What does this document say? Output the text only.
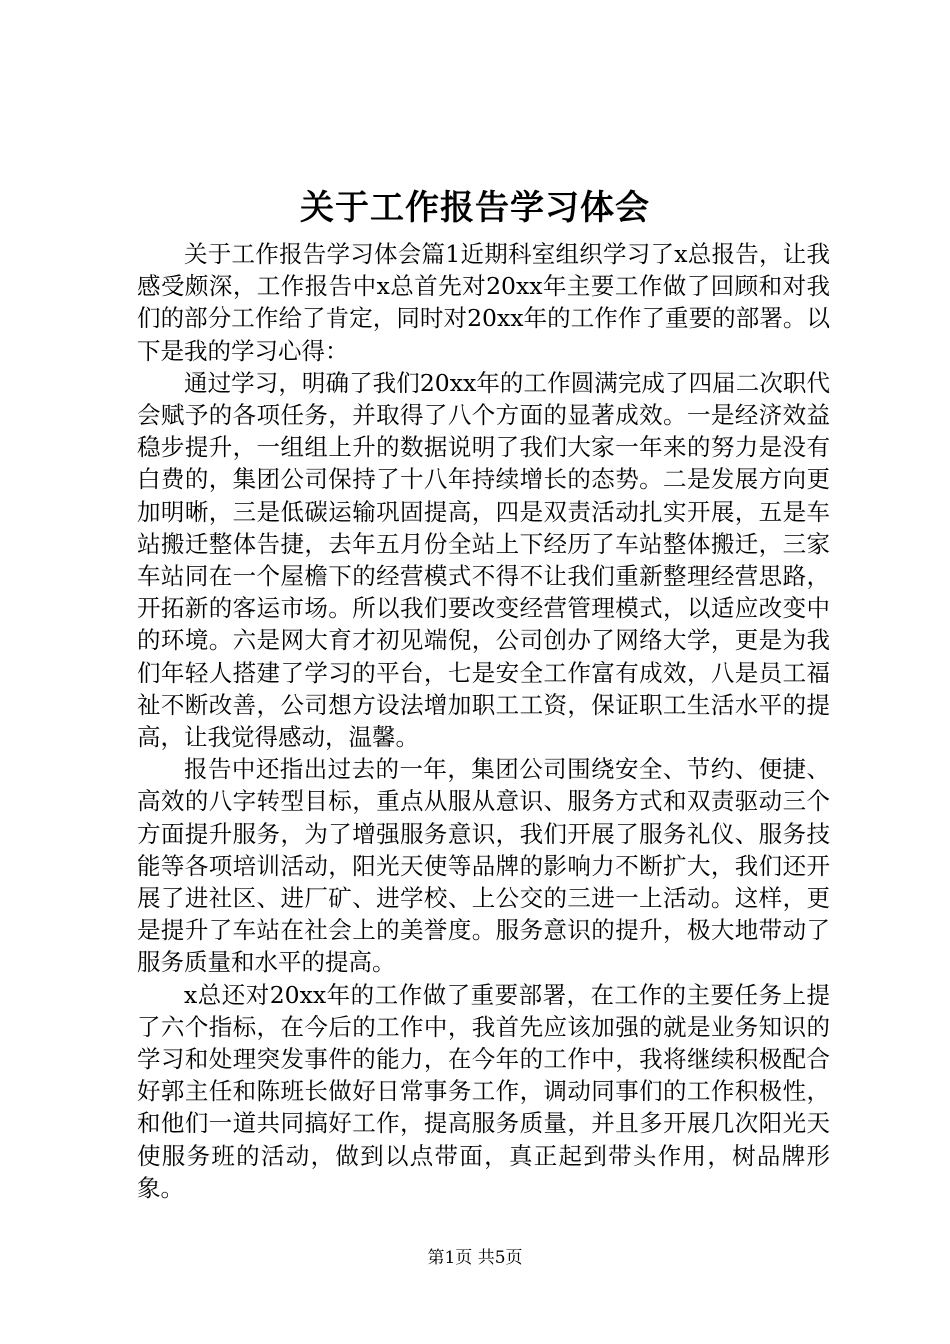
关于工作报告学习体会

关于工作报告学习体会篇1近期科室组织学习了x总报告，让我感受颇深，工作报告中x总首先对20xx年主要工作做了回顾和对我们的部分工作给了肯定，同时对20xx年的工作作了重要的部署。以下是我的学习心得：

通过学习，明确了我们20xx年的工作圆满完成了四届二次职代会赋予的各项任务，并取得了八个方面的显著成效。一是经济效益稳步提升，一组组上升的数据说明了我们大家一年来的努力是没有白费的，集团公司保持了十八年持续增长的态势。二是发展方向更加明晰，三是低碳运输巩固提高，四是双责活动扎实开展，五是车站搬迁整体告捷，去年五月份全站上下经历了车站整体搬迁，三家车站同在一个屋檐下的经营模式不得不让我们重新整理经营思路，开拓新的客运市场。所以我们要改变经营管理模式，以适应改变中的环境。六是网大育才初见端倪，公司创办了网络大学，更是为我们年轻人搭建了学习的平台，七是安全工作富有成效，八是员工福祉不断改善，公司想方设法增加职工工资，保证职工生活水平的提高，让我觉得感动，温馨。

报告中还指出过去的一年，集团公司围绕安全、节约、便捷、高效的八字转型目标，重点从服从意识、服务方式和双责驱动三个方面提升服务，为了增强服务意识，我们开展了服务礼仪、服务技能等各项培训活动，阳光天使等品牌的影响力不断扩大，我们还开展了进社区、进厂矿、进学校、上公交的三进一上活动。这样，更是提升了车站在社会上的美誉度。服务意识的提升，极大地带动了服务质量和水平的提高。

x总还对20xx年的工作做了重要部署，在工作的主要任务上提了六个指标，在今后的工作中，我首先应该加强的就是业务知识的学习和处理突发事件的能力，在今年的工作中，我将继续积极配合好郭主任和陈班长做好日常事务工作，调动同事们的工作积极性，和他们一道共同搞好工作，提高服务质量，并且多开展几次阳光天使服务班的活动，做到以点带面，真正起到带头作用，树品牌形象。

第1页 共5页
